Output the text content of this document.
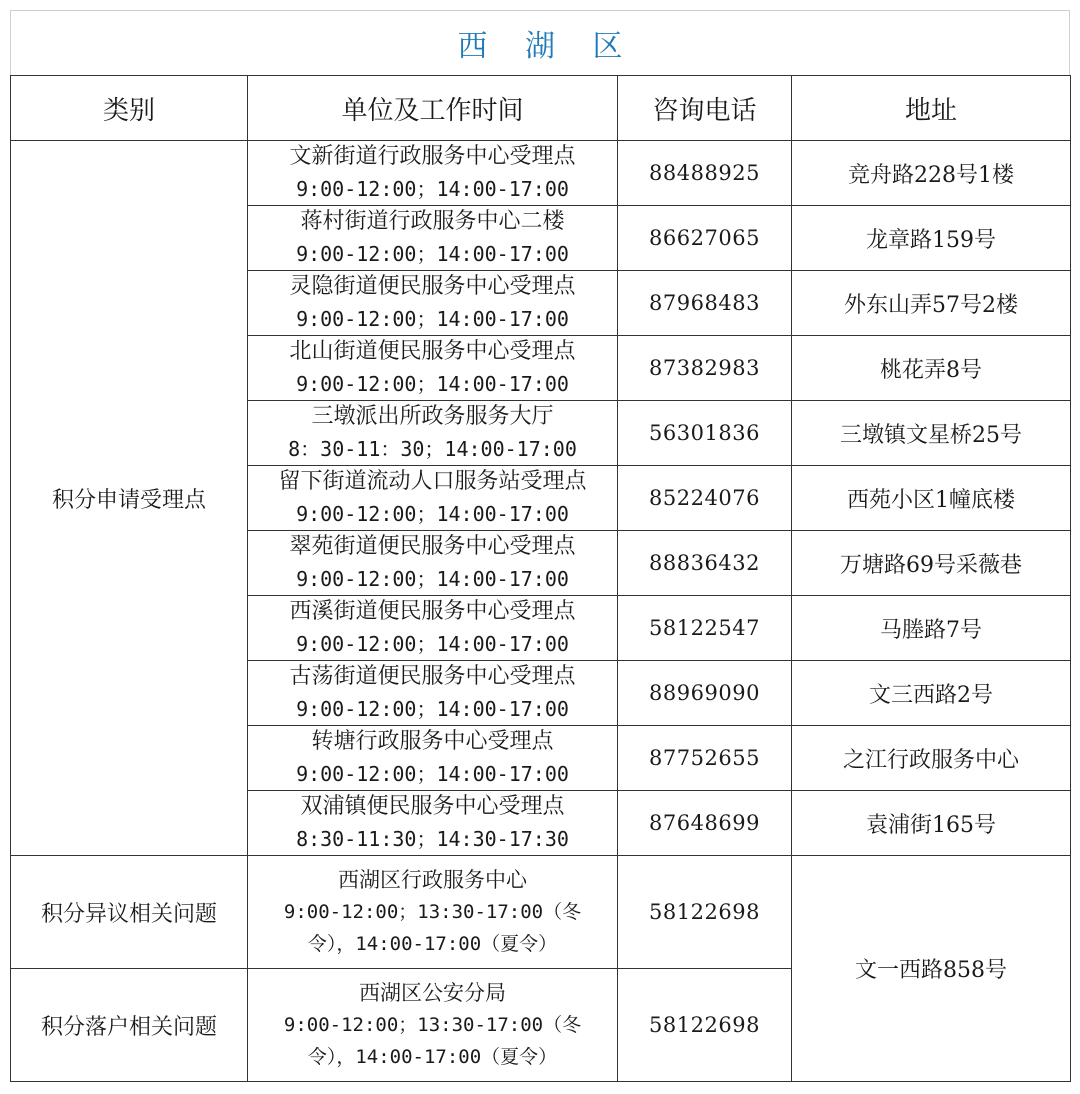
西 湖 区
类别	单位及工作时间	咨询电话	地址
积分申请受理点	文新街道行政服务中心受理点
9:00-12:00；14:00-17:00	88488925	竞舟路228号1楼

	蒋村街道行政服务中心二楼
9:00-12:00；14:00-17:00	86627065	龙章路159号

	灵隐街道便民服务中心受理点
9:00-12:00；14:00-17:00	87968483	外东山弄57号2楼

	北山街道便民服务中心受理点
9:00-12:00；14:00-17:00	87382983	桃花弄8号

	三墩派出所政务服务大厅
8：30-11：30；14:00-17:00	56301836	三墩镇文星桥25号

	留下街道流动人口服务站受理点
9:00-12:00；14:00-17:00	85224076	西苑小区1幢底楼

	翠苑街道便民服务中心受理点
9:00-12:00；14:00-17:00	88836432	万塘路69号采薇巷

	西溪街道便民服务中心受理点
9:00-12:00；14:00-17:00	58122547	马塍路7号

	古荡街道便民服务中心受理点
9:00-12:00；14:00-17:00	88969090	文三西路2号

	转塘行政服务中心受理点
9:00-12:00；14:00-17:00	87752655	之江行政服务中心

	双浦镇便民服务中心受理点
8:30-11:30；14:30-17:30	87648699	袁浦街165号
积分异议相关问题	西湖区行政服务中心
9:00-12:00；13:30-17:00（冬
令），14:00-17:00（夏令）	58122698	文一西路858号
积分落户相关问题	西湖区公安分局
9:00-12:00；13:30-17:00（冬
令），14:00-17:00（夏令）	58122698	
